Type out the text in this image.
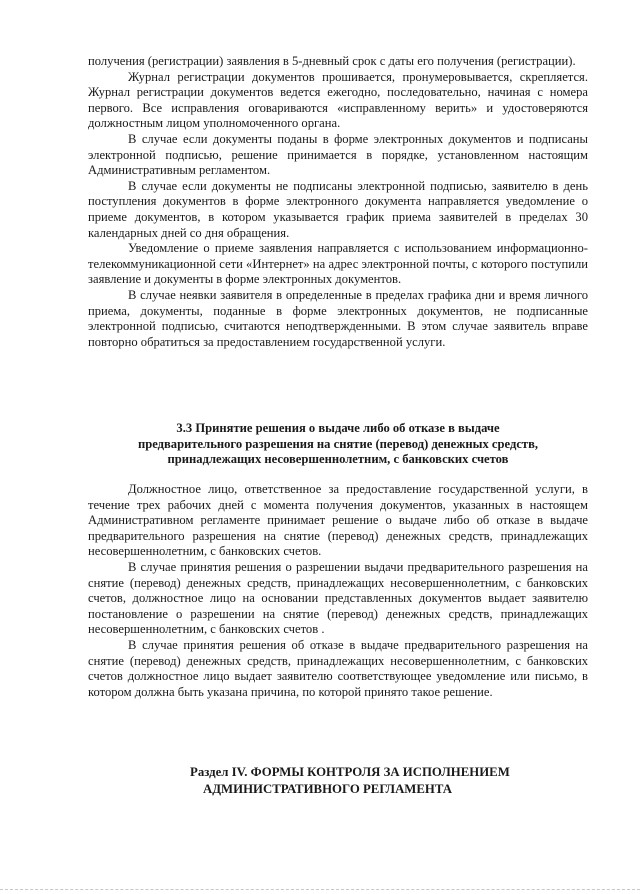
получения (регистрации) заявления в 5-дневный срок с даты его получения (регистрации).

Журнал регистрации документов прошивается, пронумеровывается, скрепляется. Журнал регистрации документов ведется ежегодно, последовательно, начиная с номера первого. Все исправления оговариваются «исправленному верить» и удостоверяются должностным лицом уполномоченного органа.

В случае если документы поданы в форме электронных документов и подписаны электронной подписью, решение принимается в порядке, установленном настоящим Административным регламентом.

В случае если документы не подписаны электронной подписью, заявителю в день поступления документов в форме электронного документа направляется уведомление о приеме документов, в котором указывается график приема заявителей в пределах 30 календарных дней со дня обращения.

Уведомление о приеме заявления направляется с использованием информационно-телекоммуникационной сети «Интернет» на адрес электронной почты, с которого поступили заявление и документы в форме электронных документов.

В случае неявки заявителя в определенные в пределах графика дни и время личного приема, документы, поданные в форме электронных документов, не подписанные электронной подписью, считаются неподтвержденными. В этом случае заявитель вправе повторно обратиться за предоставлением государственной услуги.

3.3 Принятие решения о выдаче либо об отказе в выдаче
предварительного разрешения на снятие (перевод) денежных средств,
принадлежащих несовершеннолетним, с банковских счетов

Должностное лицо, ответственное за предоставление государственной услуги, в течение трех рабочих дней с момента получения документов, указанных в настоящем Административном регламенте принимает решение о выдаче либо об отказе в выдаче предварительного разрешения на снятие (перевод) денежных средств, принадлежащих несовершеннолетним, с банковских счетов.

В случае принятия решения о разрешении выдачи предварительного разрешения на снятие (перевод) денежных средств, принадлежащих несовершеннолетним, с банковских счетов, должностное лицо на основании представленных документов выдает заявителю постановление о разрешении на снятие (перевод) денежных средств, принадлежащих несовершеннолетним, с банковских счетов .

В случае принятия решения об отказе в выдаче предварительного разрешения на снятие (перевод) денежных средств, принадлежащих несовершеннолетним, с банковских счетов должностное лицо выдает заявителю соответствующее уведомление или письмо, в котором должна быть указана причина, по которой принято такое решение.

Раздел IV. ФОРМЫ КОНТРОЛЯ ЗА ИСПОЛНЕНИЕМ
АДМИНИСТРАТИВНОГО РЕГЛАМЕНТА
